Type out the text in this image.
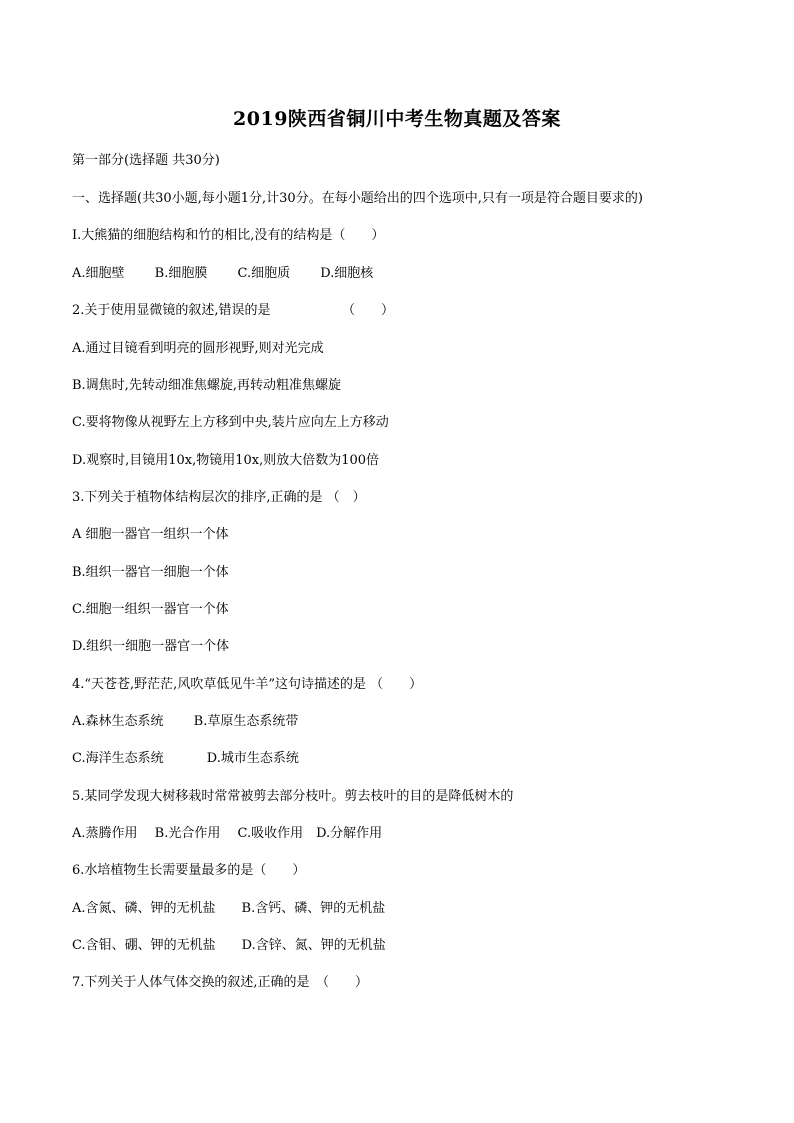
2019陕西省铜川中考生物真题及答案
第一部分(选择题 共30分)
一、选择题(共30小题,每小题1分,计30分。在每小题给出的四个选项中,只有一项是符合题目要求的)
I.大熊猫的细胞结构和竹的相比,没有的结构是（　　）
A.细胞壁　　 B.细胞膜　　 C.细胞质　　 D.细胞核
2.关于使用显微镜的叙述,错误的是　　　　　　（　　）
A.通过目镜看到明亮的圆形视野,则对光完成
B.调焦时,先转动细准焦螺旋,再转动粗准焦螺旋
C.要将物像从视野左上方移到中央,装片应向左上方移动
D.观察时,目镜用10x,物镜用10x,则放大倍数为100倍
3.下列关于植物体结构层次的排序,正确的是 （　）
A 细胞一器官一组织一个体
B.组织一器官一细胞一个体
C.细胞一组织一器官一个体
D.组织一细胞一器官一个体
4.“天苍苍,野茫茫,风吹草低见牛羊”这句诗描述的是 （　　）
A.森林生态系统　　 B.草原生态系统带
C.海洋生态系统　　　 D.城市生态系统
5.某同学发现大树移栽时常常被剪去部分枝叶。剪去枝叶的目的是降低树木的
A.蒸腾作用　 B.光合作用　 C.吸收作用　D.分解作用
6.水培植物生长需要量最多的是（　　）
A.含氮、磷、钾的无机盐　　B.含钙、磷、钾的无机盐
C.含钼、硼、钾的无机盐　　D.含锌、氮、钾的无机盐
7.下列关于人体气体交换的叙述,正确的是　（　　）
